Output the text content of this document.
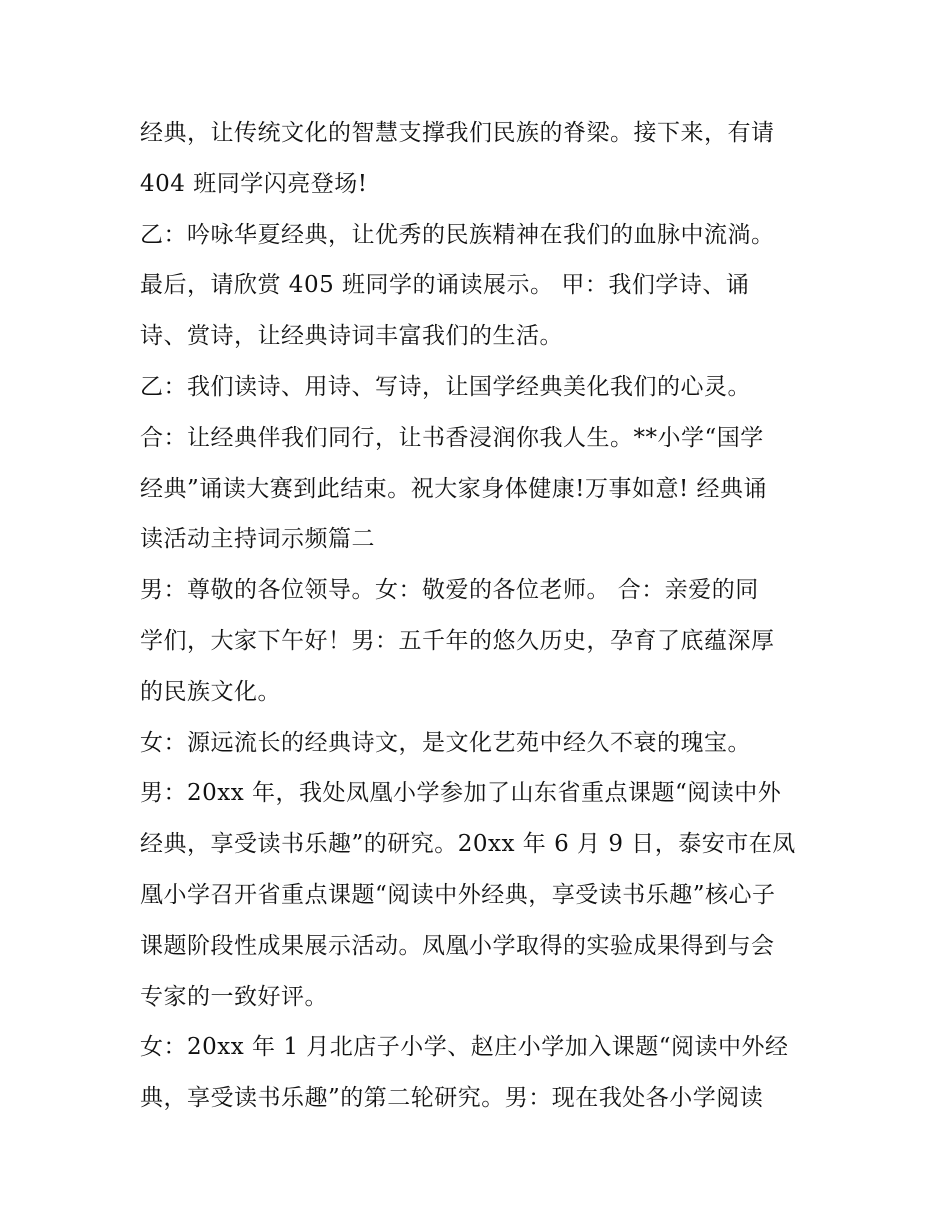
经典，让传统文化的智慧支撑我们民族的脊梁。接下来，有请
404 班同学闪亮登场!
乙：吟咏华夏经典，让优秀的民族精神在我们的血脉中流淌。
最后，请欣赏 405 班同学的诵读展示。 甲：我们学诗、诵
诗、赏诗，让经典诗词丰富我们的生活。
乙：我们读诗、用诗、写诗，让国学经典美化我们的心灵。
合：让经典伴我们同行，让书香浸润你我人生。**小学“国学
经典”诵读大赛到此结束。祝大家身体健康!万事如意! 经典诵
读活动主持词示频篇二
男：尊敬的各位领导。女：敬爱的各位老师。 合：亲爱的同
学们，大家下午好！男：五千年的悠久历史，孕育了底蕴深厚
的民族文化。
女：源远流长的经典诗文，是文化艺苑中经久不衰的瑰宝。
男：20xx 年，我处凤凰小学参加了山东省重点课题“阅读中外
经典，享受读书乐趣”的研究。20xx 年 6 月 9 日，泰安市在凤
凰小学召开省重点课题“阅读中外经典，享受读书乐趣”核心子
课题阶段性成果展示活动。凤凰小学取得的实验成果得到与会
专家的一致好评。
女：20xx 年 1 月北店子小学、赵庄小学加入课题“阅读中外经
典，享受读书乐趣”的第二轮研究。男：现在我处各小学阅读
